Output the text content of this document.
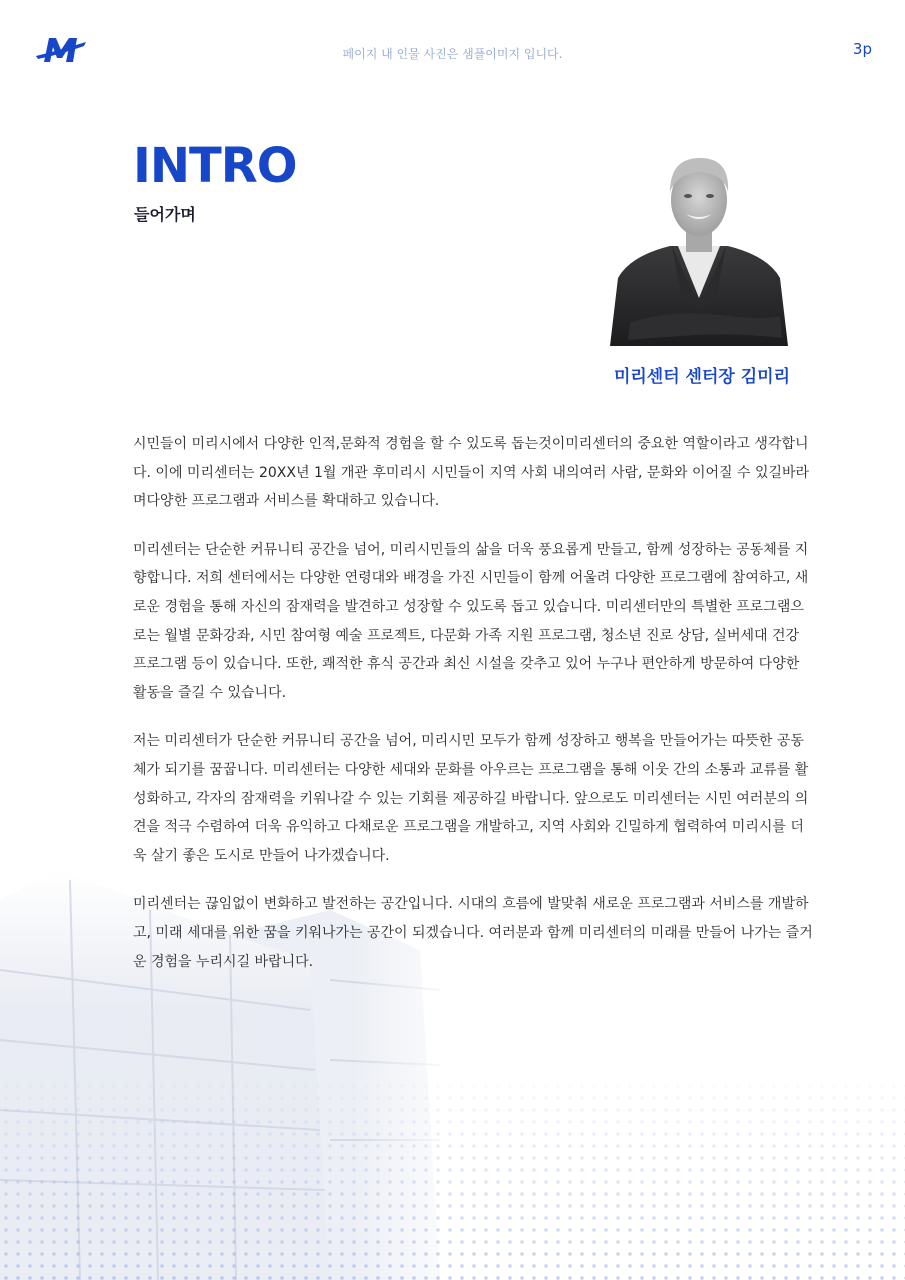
페이지 내 인물 사진은 샘플이미지 입니다.	3p
INTRO
들어가며
미리센터 센터장 김미리

시민들이 미리시에서 다양한 인적,문화적 경험을 할 수 있도록 돕는것이미리센터의 중요한 역할이라고 생각합니다. 이에 미리센터는 20XX년 1월 개관 후미리시 시민들이 지역 사회 내의여러 사람, 문화와 이어질 수 있길바라며다양한 프로그램과 서비스를 확대하고 있습니다.

미리센터는 단순한 커뮤니티 공간을 넘어, 미리시민들의 삶을 더욱 풍요롭게 만들고, 함께 성장하는 공동체를 지향합니다. 저희 센터에서는 다양한 연령대와 배경을 가진 시민들이 함께 어울려 다양한 프로그램에 참여하고, 새로운 경험을 통해 자신의 잠재력을 발견하고 성장할 수 있도록 돕고 있습니다. 미리센터만의 특별한 프로그램으로는 월별 문화강좌, 시민 참여형 예술 프로젝트, 다문화 가족 지원 프로그램, 청소년 진로 상담, 실버세대 건강 프로그램 등이 있습니다. 또한, 쾌적한 휴식 공간과 최신 시설을 갖추고 있어 누구나 편안하게 방문하여 다양한 활동을 즐길 수 있습니다.

저는 미리센터가 단순한 커뮤니티 공간을 넘어, 미리시민 모두가 함께 성장하고 행복을 만들어가는 따뜻한 공동체가 되기를 꿈꿉니다. 미리센터는 다양한 세대와 문화를 아우르는 프로그램을 통해 이웃 간의 소통과 교류를 활성화하고, 각자의 잠재력을 키워나갈 수 있는 기회를 제공하길 바랍니다. 앞으로도 미리센터는 시민 여러분의 의견을 적극 수렴하여 더욱 유익하고 다채로운 프로그램을 개발하고, 지역 사회와 긴밀하게 협력하여 미리시를 더욱 살기 좋은 도시로 만들어 나가겠습니다.

미리센터는 끊임없이 변화하고 발전하는 공간입니다. 시대의 흐름에 발맞춰 새로운 프로그램과 서비스를 개발하고, 미래 세대를 위한 꿈을 키워나가는 공간이 되겠습니다. 여러분과 함께 미리센터의 미래를 만들어 나가는 즐거운 경험을 누리시길 바랍니다.
